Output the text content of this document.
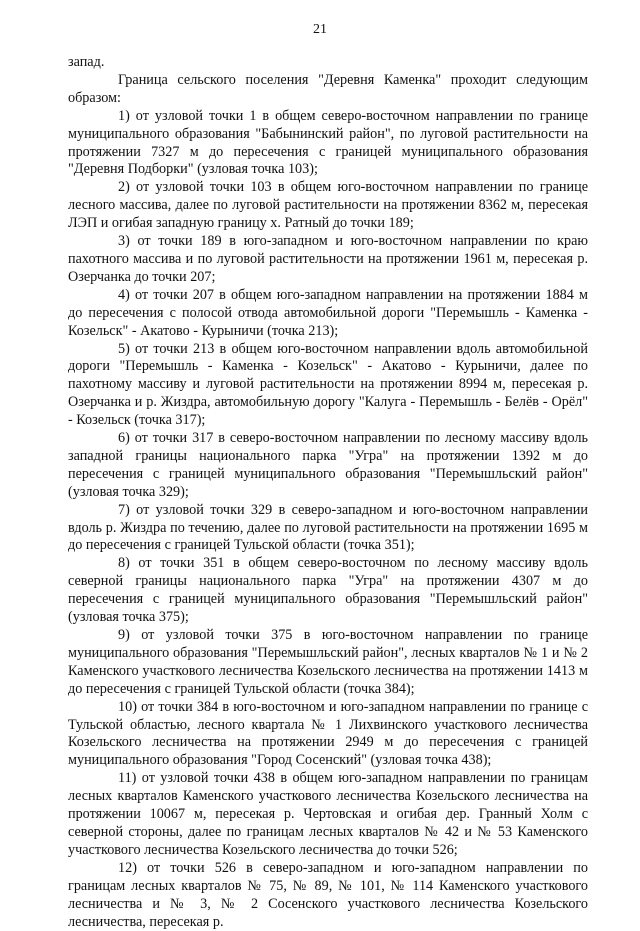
21

запад.

Граница сельского поселения "Деревня Каменка" проходит следующим образом:

1) от узловой точки 1 в общем северо-восточном направлении по границе муниципального образования "Бабынинский район", по луговой растительности на протяжении 7327 м до пересечения с границей муниципального образования "Деревня Подборки" (узловая точка 103);

2) от узловой точки 103 в общем юго-восточном направлении по границе лесного массива, далее по луговой растительности на протяжении 8362 м, пересекая ЛЭП и огибая западную границу х. Ратный до точки 189;

3) от точки 189 в юго-западном и юго-восточном направлении по краю пахотного массива и по луговой растительности на протяжении 1961 м, пересекая р. Озерчанка до точки 207;

4) от точки 207 в общем юго-западном направлении на протяжении 1884 м до пересечения с полосой отвода автомобильной дороги "Перемышль - Каменка - Козельск" - Акатово - Курыничи (точка 213);

5) от точки 213 в общем юго-восточном направлении вдоль автомобильной дороги "Перемышль - Каменка - Козельск" - Акатово - Курыничи, далее по пахотному массиву и луговой растительности на протяжении 8994 м, пересекая р. Озерчанка и р. Жиздра, автомобильную дорогу "Калуга - Перемышль - Белёв - Орёл" - Козельск (точка 317);

6) от точки 317 в северо-восточном направлении по лесному массиву вдоль западной границы национального парка "Угра" на протяжении 1392 м до пересечения с границей муниципального образования "Перемышльский район" (узловая точка 329);

7) от узловой точки 329 в северо-западном и юго-восточном направлении вдоль р. Жиздра по течению, далее по луговой растительности на протяжении 1695 м до пересечения с границей Тульской области (точка 351);

8) от точки 351 в общем северо-восточном по лесному массиву вдоль северной границы национального парка "Угра" на протяжении 4307 м до пересечения с границей муниципального образования "Перемышльский район" (узловая точка 375);

9) от узловой точки 375 в юго-восточном направлении по границе муниципального образования "Перемышльский район", лесных кварталов № 1 и № 2 Каменского участкового лесничества Козельского лесничества на протяжении 1413 м до пересечения с границей Тульской области (точка 384);

10) от точки 384 в юго-восточном и юго-западном направлении по границе с Тульской областью, лесного квартала № 1 Лихвинского участкового лесничества Козельского лесничества на протяжении 2949 м до пересечения с границей муниципального образования "Город Сосенский" (узловая точка 438);

11) от узловой точки 438 в общем юго-западном направлении по границам лесных кварталов Каменского участкового лесничества Козельского лесничества на протяжении 10067 м, пересекая р. Чертовская и огибая дер. Гранный Холм с северной стороны, далее по границам лесных кварталов № 42 и № 53 Каменского участкового лесничества Козельского лесничества до точки 526;

12) от точки 526 в северо-западном и юго-западном направлении по границам лесных кварталов № 75, № 89, № 101, № 114 Каменского участкового лесничества и № 3, № 2 Сосенского участкового лесничества Козельского лесничества, пересекая р.
